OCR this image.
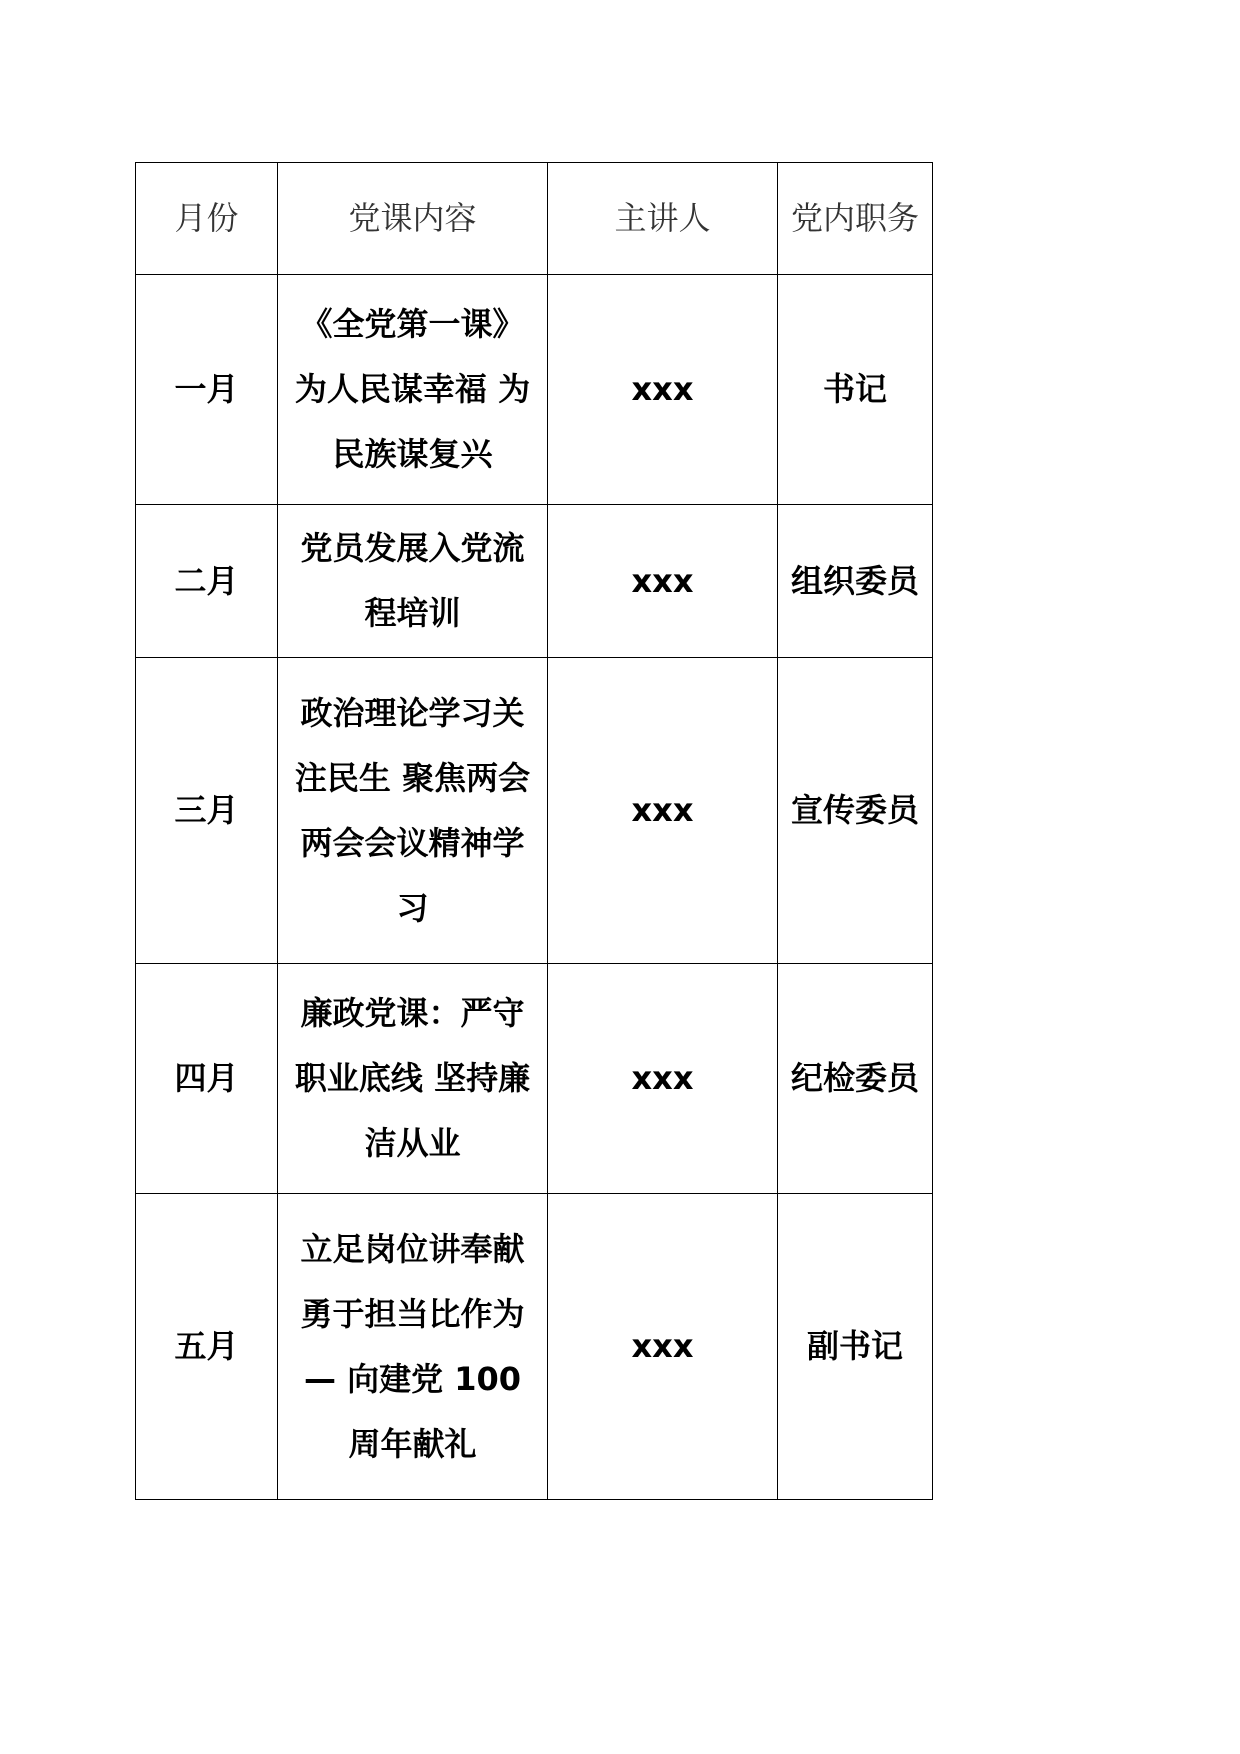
月份	党课内容	主讲人	党内职务
一月	《全党第一课》为人民谋幸福 为民族谋复兴	xxx	书记
二月	党员发展入党流程培训	xxx	组织委员
三月	政治理论学习关注民生 聚焦两会 两会会议精神学习	xxx	宣传委员
四月	廉政党课：严守职业底线 坚持廉洁从业	xxx	纪检委员
五月	立足岗位讲奉献勇于担当比作为— 向建党 100 周年献礼	xxx	副书记
